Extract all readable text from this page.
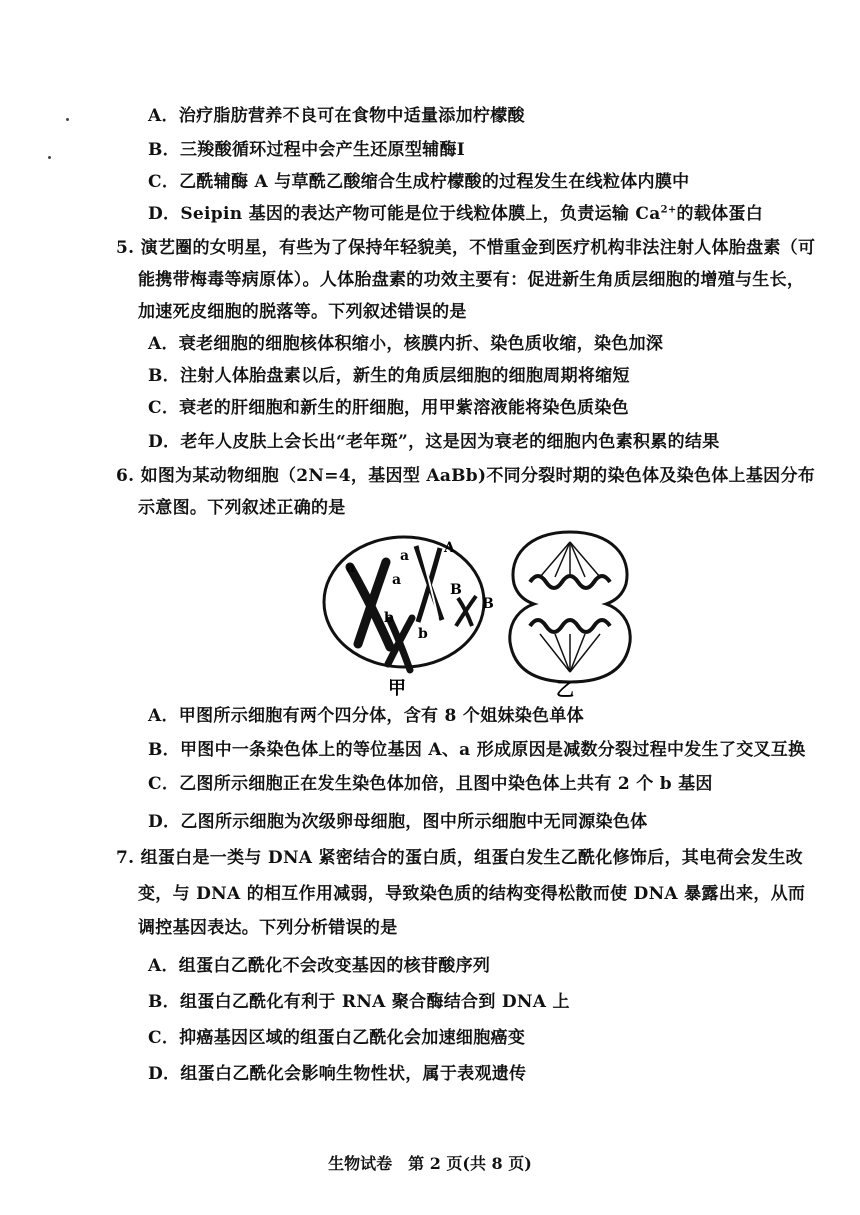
A．治疗脂肪营养不良可在食物中适量添加柠檬酸
B．三羧酸循环过程中会产生还原型辅酶Ⅰ
C．乙酰辅酶 A 与草酰乙酸缩合生成柠檬酸的过程发生在线粒体内膜中
D．Seipin 基因的表达产物可能是位于线粒体膜上，负责运输 $Ca^{2+}$的载体蛋白
5. 演艺圈的女明星，有些为了保持年轻貌美，不惜重金到医疗机构非法注射人体胎盘素（可
能携带梅毒等病原体）。人体胎盘素的功效主要有：促进新生角质层细胞的增殖与生长，
加速死皮细胞的脱落等。下列叙述错误的是
A．衰老细胞的细胞核体积缩小，核膜内折、染色质收缩，染色加深
B．注射人体胎盘素以后，新生的角质层细胞的细胞周期将缩短
C．衰老的肝细胞和新生的肝细胞，用甲紫溶液能将染色质染色
D．老年人皮肤上会长出“老年斑”，这是因为衰老的细胞内色素积累的结果
6. 如图为某动物细胞（2N=4，基因型 AaBb)不同分裂时期的染色体及染色体上基因分布
示意图。下列叙述正确的是
a
a
a A
B
B
b
b
甲	乙
A．甲图所示细胞有两个四分体，含有 8 个姐妹染色单体
B．甲图中一条染色体上的等位基因 A、a 形成原因是减数分裂过程中发生了交叉互换
C．乙图所示细胞正在发生染色体加倍，且图中染色体上共有 2 个 b 基因
D．乙图所示细胞为次级卵母细胞，图中所示细胞中无同源染色体
7. 组蛋白是一类与 DNA 紧密结合的蛋白质，组蛋白发生乙酰化修饰后，其电荷会发生改
变，与 DNA 的相互作用减弱，导致染色质的结构变得松散而使 DNA 暴露出来，从而
调控基因表达。下列分析错误的是
A．组蛋白乙酰化不会改变基因的核苷酸序列
B．组蛋白乙酰化有利于 RNA 聚合酶结合到 DNA 上
C．抑癌基因区域的组蛋白乙酰化会加速细胞癌变
D．组蛋白乙酰化会影响生物性状，属于表观遗传
生物试卷　第 2 页(共 8 页)
